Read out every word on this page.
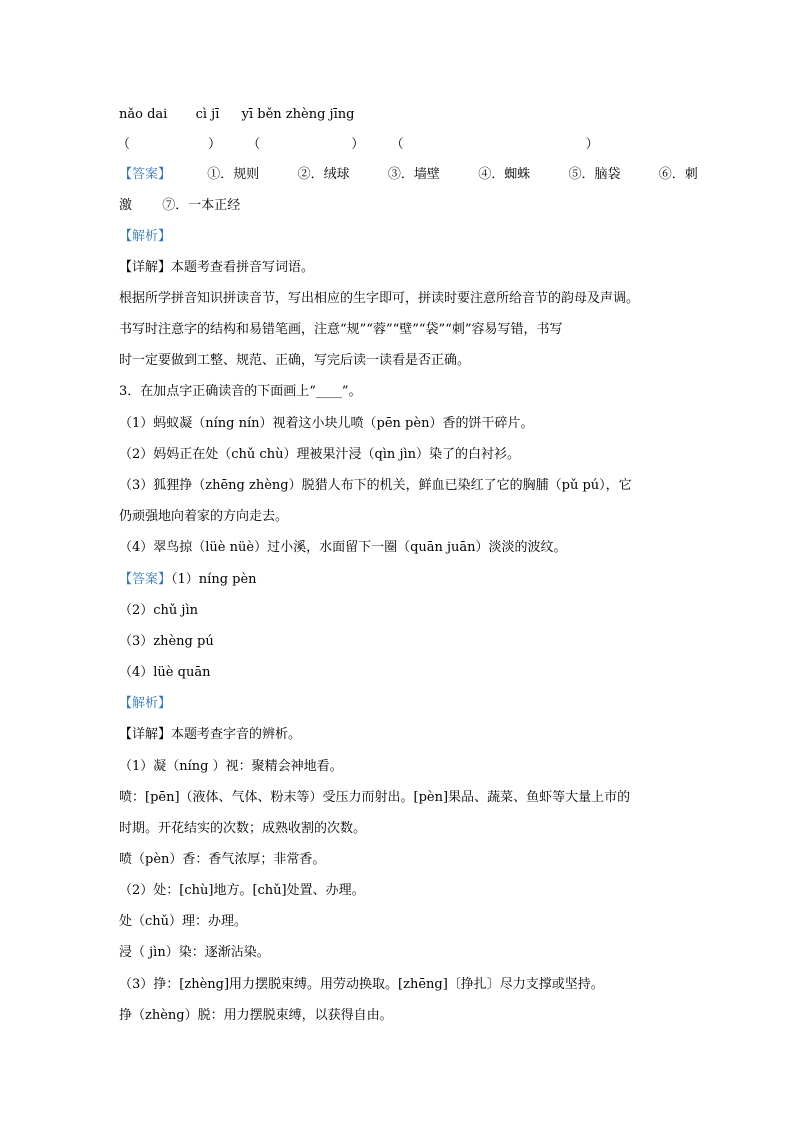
nǎo dai cì jī yī běn zhèng jīng
（　　　　　　） （　　　　　　　） （　　　　　　　　　　　　　　）
【答案】	①．规则	②．绒球	③．墙壁	④．蜘蛛	⑤．脑袋	⑥．刺
激 ⑦．一本正经
【解析】
【详解】本题考查看拼音写词语。
根据所学拼音知识拼读音节，写出相应的生字即可，拼读时要注意所给音节的韵母及声调。
书写时注意字的结构和易错笔画，注意“规”“蓉”“壁”“袋”“刺”容易写错，书写
时一定要做到工整、规范、正确，写完后读一读看是否正确。
3．在加点字正确读音的下面画上“____”。
（1）蚂蚁凝（níng nín）视着这小块儿喷（pēn pèn）香的饼干碎片。
（2）妈妈正在处（chǔ chù）理被果汁浸（qìn jìn）染了的白衬衫。
（3）狐狸挣（zhēng zhèng）脱猎人布下的机关，鲜血已染红了它的胸脯（pǔ pú），它
仍顽强地向着家的方向走去。
（4）翠鸟掠（lüè nüè）过小溪，水面留下一圈（quān juān）淡淡的波纹。
【答案】（1）níng pèn
（2）chǔ jìn
（3）zhèng pú
（4）lüè quān
【解析】
【详解】本题考查字音的辨析。
（1）凝（níng ）视：聚精会神地看。
喷：[pēn]（液体、气体、粉末等）受压力而射出。[pèn]果品、蔬菜、鱼虾等大量上市的
时期。开花结实的次数；成熟收割的次数。
喷（pèn）香：香气浓厚；非常香。
（2）处：[chù]地方。[chǔ]处置、办理。
处（chǔ）理：办理。
浸（ jìn）染：逐渐沾染。
（3）挣：[zhèng]用力摆脱束缚。用劳动换取。[zhēng]〔挣扎〕尽力支撑或坚持。
挣（zhèng）脱：用力摆脱束缚，以获得自由。
